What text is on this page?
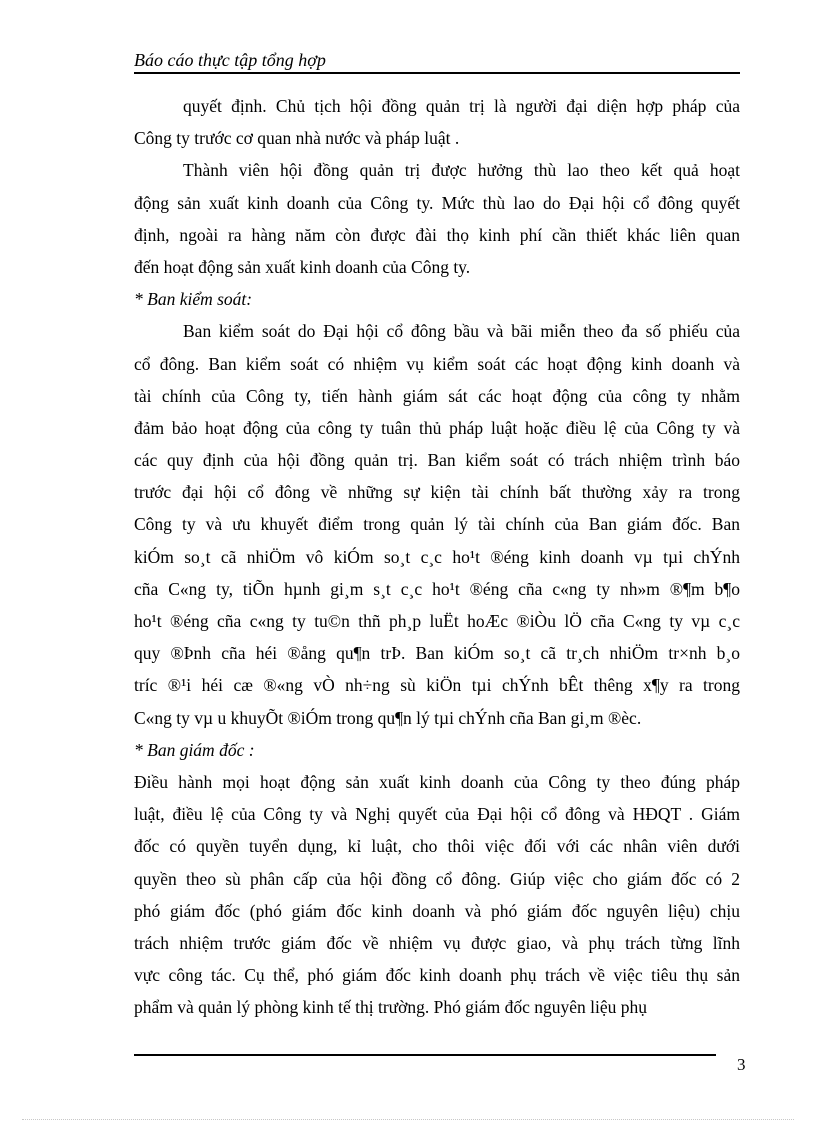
Báo cáo thực tập tổng hợp
quyết định. Chủ tịch hội đồng quản trị là người đại diện hợp pháp của
Công ty trước cơ quan nhà nước và pháp luật .
Thành viên hội đồng quản trị được hưởng thù lao theo kết quả hoạt
động sản xuất kinh doanh của Công ty. Mức thù lao do Đại hội cổ đông quyết
định, ngoài ra hàng năm còn được đài thọ kinh phí cần thiết khác liên quan
đến hoạt động sản xuất kinh doanh của Công ty.
* Ban kiểm soát:
Ban kiểm soát do Đại hội cổ đông bầu và bãi miễn theo đa số phiếu của
cổ đông. Ban kiểm soát có nhiệm vụ kiểm soát các hoạt động kinh doanh và
tài chính của Công ty, tiến hành giám sát các hoạt động của công ty nhằm
đảm bảo hoạt động của công ty tuân thủ pháp luật hoặc điều lệ của Công ty và
các quy định của hội đồng quản trị. Ban kiểm soát có trách nhiệm trình báo
trước đại hội cổ đông về những sự kiện tài chính bất thường xảy ra trong
Công ty và ưu khuyết điểm trong quản lý tài chính của Ban giám đốc. Ban
kiÓm so¸t cã nhiÖm vô kiÓm so¸t c¸c ho¹t ®éng kinh doanh vµ tµi chÝnh
cña C«ng ty, tiÕn hµnh gi¸m s¸t c¸c ho¹t ®éng cña c«ng ty nh»m ®¶m b¶o
ho¹t ®éng cña c«ng ty tu©n thñ ph¸p luËt hoÆc ®iÒu lÖ cña C«ng ty vµ c¸c
quy ®Þnh cña héi ®ång qu¶n trÞ. Ban kiÓm so¸t cã tr¸ch nhiÖm tr×nh b¸o
tríc ®¹i héi cæ ®«ng vÒ nh÷ng sù kiÖn tµi chÝnh bÊt thêng x¶y ra trong
C«ng ty vµ u khuyÕt ®iÓm trong qu¶n lý tµi chÝnh cña Ban gi¸m ®èc.
* Ban giám đốc :
Điều hành mọi hoạt động sản xuất kinh doanh của Công ty theo đúng pháp
luật, điều lệ của Công ty và Nghị quyết của Đại hội cổ đông và HĐQT . Giám
đốc có quyền tuyển dụng, kỉ luật, cho thôi việc đối với các nhân viên dưới
quyền theo sù phân cấp của hội đồng cổ đông. Giúp việc cho giám đốc có 2
phó giám đốc (phó giám đốc kinh doanh và phó giám đốc nguyên liệu) chịu
trách nhiệm trước giám đốc về nhiệm vụ được giao, và phụ trách từng lĩnh
vực công tác. Cụ thể, phó giám đốc kinh doanh phụ trách về việc tiêu thụ sản
phẩm và quản lý phòng kinh tế thị trường. Phó giám đốc nguyên liệu phụ
3
